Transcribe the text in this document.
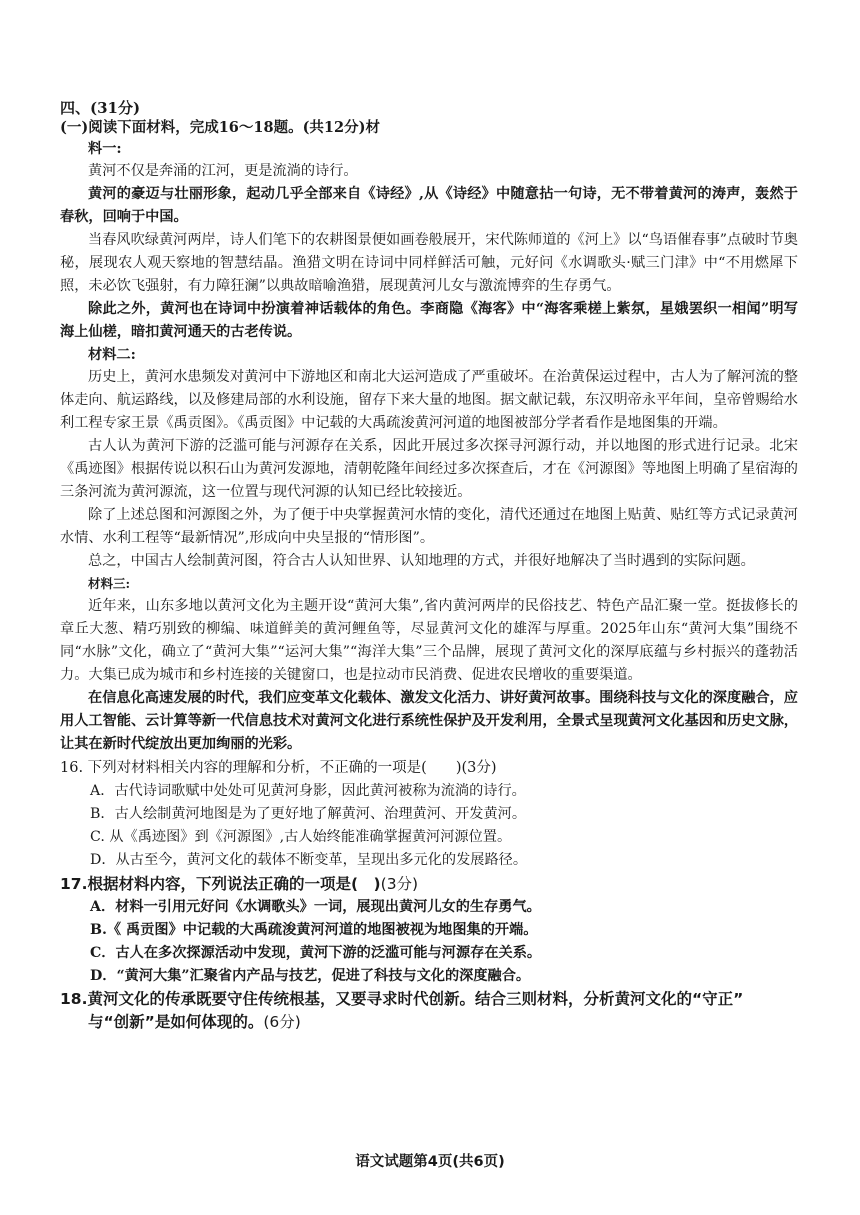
四、(31分)
(一)阅读下面材料，完成16～18题。(共12分)材
料一:

黄河不仅是奔涌的江河，更是流淌的诗行。

黄河的豪迈与壮丽形象，起动几乎全部来自《诗经》,从《诗经》中随意拈一句诗，无不带着黄河的涛声，轰然于春秋，回响于中国。

当春风吹绿黄河两岸，诗人们笔下的农耕图景便如画卷般展开，宋代陈师道的《河上》以“鸟语催春事”点破时节奥秘，展现农人观天察地的智慧结晶。渔猎文明在诗词中同样鲜活可触，元好问《水调歌头·赋三门津》中“不用燃犀下照，未必饮飞强射，有力障狂澜”以典故暗喻渔猎，展现黄河儿女与激流博弈的生存勇气。

除此之外，黄河也在诗词中扮演着神话载体的角色。李商隐《海客》中“海客乘槎上紫氛，星娥罢织一相闻”明写海上仙槎，暗扣黄河通天的古老传说。

材料二:

历史上，黄河水患频发对黄河中下游地区和南北大运河造成了严重破坏。在治黄保运过程中，古人为了解河流的整体走向、航运路线，以及修建局部的水利设施，留存下来大量的地图。据文献记载，东汉明帝永平年间，皇帝曾赐给水利工程专家王景《禹贡图》。《禹贡图》中记载的大禹疏浚黄河河道的地图被部分学者看作是地图集的开端。

古人认为黄河下游的泛滥可能与河源存在关系，因此开展过多次探寻河源行动，并以地图的形式进行记录。北宋《禹迹图》根据传说以积石山为黄河发源地，清朝乾隆年间经过多次探查后，才在《河源图》等地图上明确了星宿海的三条河流为黄河源流，这一位置与现代河源的认知已经比较接近。

除了上述总图和河源图之外，为了便于中央掌握黄河水情的变化，清代还通过在地图上贴黄、贴红等方式记录黄河水情、水利工程等“最新情况”,形成向中央呈报的“情形图”。

总之，中国古人绘制黄河图，符合古人认知世界、认知地理的方式，并很好地解决了当时遇到的实际问题。

材料三:

近年来，山东多地以黄河文化为主题开设“黄河大集”,省内黄河两岸的民俗技艺、特色产品汇聚一堂。挺拔修长的章丘大葱、精巧别致的柳编、味道鲜美的黄河鲤鱼等，尽显黄河文化的雄浑与厚重。2025年山东“黄河大集”围绕不同“水脉”文化，确立了“黄河大集”“运河大集”“海洋大集”三个品牌，展现了黄河文化的深厚底蕴与乡村振兴的蓬勃活力。大集已成为城市和乡村连接的关键窗口，也是拉动市民消费、促进农民增收的重要渠道。

在信息化高速发展的时代，我们应变革文化载体、激发文化活力、讲好黄河故事。围绕科技与文化的深度融合，应用人工智能、云计算等新一代信息技术对黄河文化进行系统性保护及开发利用，全景式呈现黄河文化基因和历史文脉，让其在新时代绽放出更加绚丽的光彩。

16. 下列对材料相关内容的理解和分析，不正确的一项是(　　)(3分)
A．古代诗词歌赋中处处可见黄河身影，因此黄河被称为流淌的诗行。
B．古人绘制黄河地图是为了更好地了解黄河、治理黄河、开发黄河。
C. 从《禹迹图》到《河源图》,古人始终能准确掌握黄河河源位置。
D．从古至今，黄河文化的载体不断变革，呈现出多元化的发展路径。
17.根据材料内容，下列说法正确的一项是(　)(3分)
A．材料一引用元好问《水调歌头》一词，展现出黄河儿女的生存勇气。
B.《 禹贡图》中记载的大禹疏浚黄河河道的地图被视为地图集的开端。
C．古人在多次探源活动中发现，黄河下游的泛滥可能与河源存在关系。
D．“黄河大集”汇聚省内产品与技艺，促进了科技与文化的深度融合。
18.黄河文化的传承既要守住传统根基，又要寻求时代创新。结合三则材料，分析黄河文化的“守正”
与“创新”是如何体现的。(6分)
语文试题第4页(共6页)
